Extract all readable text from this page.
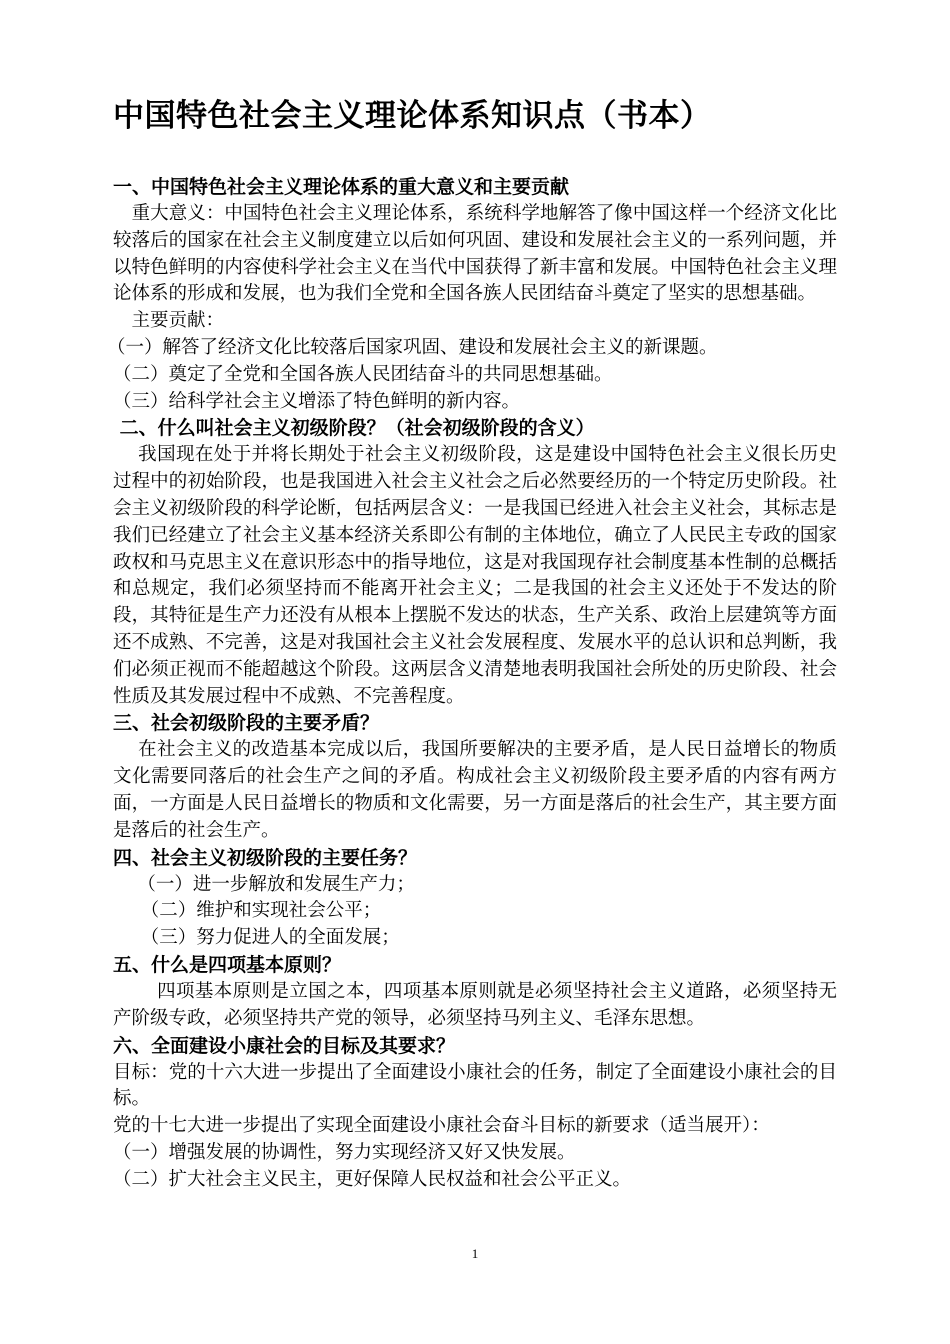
中国特色社会主义理论体系知识点（书本）
一、中国特色社会主义理论体系的重大意义和主要贡献

　重大意义：中国特色社会主义理论体系，系统科学地解答了像中国这样一个经济文化比较落后的国家在社会主义制度建立以后如何巩固、建设和发展社会主义的一系列问题，并以特色鲜明的内容使科学社会主义在当代中国获得了新丰富和发展。中国特色社会主义理论体系的形成和发展，也为我们全党和全国各族人民团结奋斗奠定了坚实的思想基础。

　主要贡献：

（一）解答了经济文化比较落后国家巩固、建设和发展社会主义的新课题。

（二）奠定了全党和全国各族人民团结奋斗的共同思想基础。

（三）给科学社会主义增添了特色鲜明的新内容。

二、什么叫社会主义初级阶段？（社会初级阶段的含义）

　 我国现在处于并将长期处于社会主义初级阶段，这是建设中国特色社会主义很长历史过程中的初始阶段，也是我国进入社会主义社会之后必然要经历的一个特定历史阶段。社会主义初级阶段的科学论断，包括两层含义：一是我国已经进入社会主义社会，其标志是我们已经建立了社会主义基本经济关系即公有制的主体地位，确立了人民民主专政的国家政权和马克思主义在意识形态中的指导地位，这是对我国现存社会制度基本性制的总概括和总规定，我们必须坚持而不能离开社会主义；二是我国的社会主义还处于不发达的阶段，其特征是生产力还没有从根本上摆脱不发达的状态，生产关系、政治上层建筑等方面还不成熟、不完善，这是对我国社会主义社会发展程度、发展水平的总认识和总判断，我们必须正视而不能超越这个阶段。这两层含义清楚地表明我国社会所处的历史阶段、社会性质及其发展过程中不成熟、不完善程度。

三、社会初级阶段的主要矛盾？

　 在社会主义的改造基本完成以后，我国所要解决的主要矛盾，是人民日益增长的物质文化需要同落后的社会生产之间的矛盾。构成社会主义初级阶段主要矛盾的内容有两方面，一方面是人民日益增长的物质和文化需要，另一方面是落后的社会生产，其主要方面是落后的社会生产。

四、社会主义初级阶段的主要任务？

　 （一）进一步解放和发展生产力；

　　（二）维护和实现社会公平；

　　（三）努力促进人的全面发展；

五、什么是四项基本原则？

　　 四项基本原则是立国之本，四项基本原则就是必须坚持社会主义道路，必须坚持无产阶级专政，必须坚持共产党的领导，必须坚持马列主义、毛泽东思想。

六、全面建设小康社会的目标及其要求？

目标：党的十六大进一步提出了全面建设小康社会的任务，制定了全面建设小康社会的目标。

党的十七大进一步提出了实现全面建设小康社会奋斗目标的新要求（适当展开）：

（一）增强发展的协调性，努力实现经济又好又快发展。

（二）扩大社会主义民主，更好保障人民权益和社会公平正义。

1
